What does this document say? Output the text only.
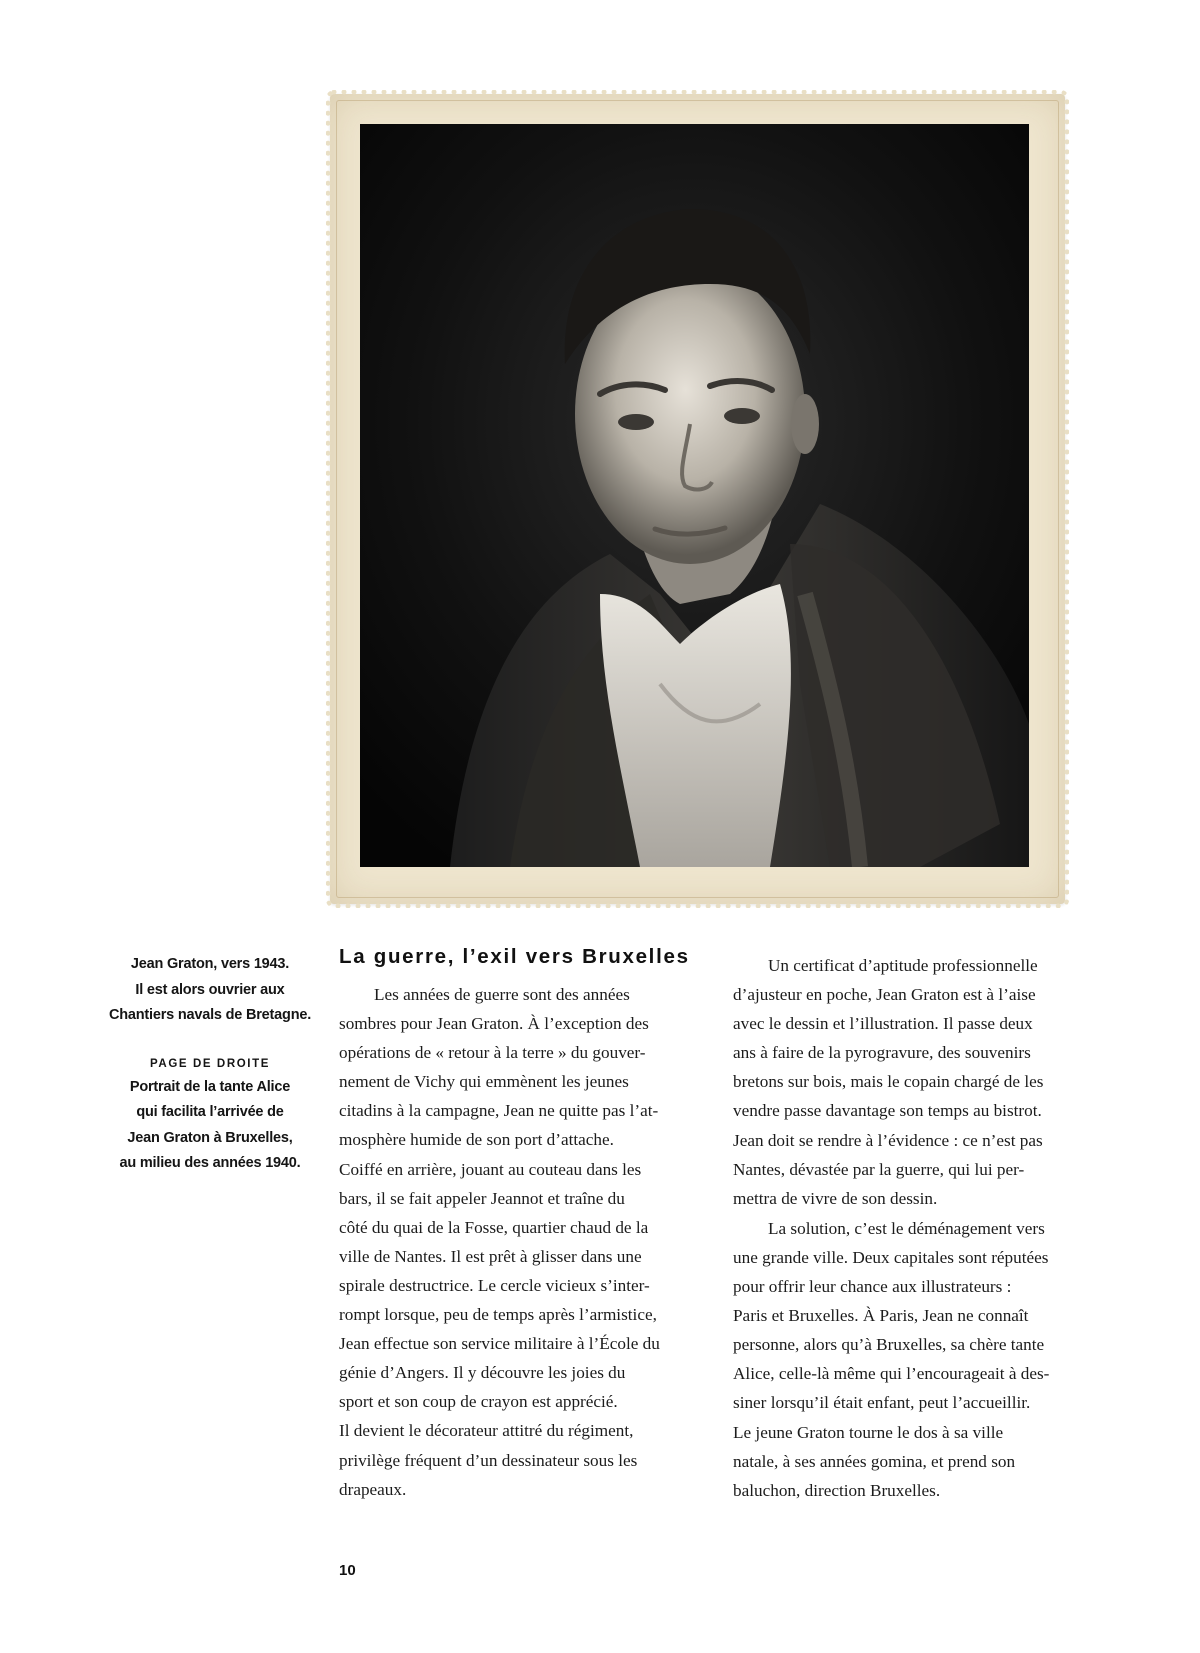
Jean Graton, vers 1943.

Il est alors ouvrier aux

Chantiers navals de Bretagne.

PAGE DE DROITE

Portrait de la tante Alice

qui facilita l’arrivée de

Jean Graton à Bruxelles,

au milieu des années 1940.

La guerre, l’exil vers Bruxelles

Les années de guerre sont des années

sombres pour Jean Graton. À l’exception des

opérations de « retour à la terre » du gouver-

nement de Vichy qui emmènent les jeunes

citadins à la campagne, Jean ne quitte pas l’at-

mosphère humide de son port d’attache.

Coiffé en arrière, jouant au couteau dans les

bars, il se fait appeler Jeannot et traîne du

côté du quai de la Fosse, quartier chaud de la

ville de Nantes. Il est prêt à glisser dans une

spirale destructrice. Le cercle vicieux s’inter-

rompt lorsque, peu de temps après l’armistice,

Jean effectue son service militaire à l’École du

génie d’Angers. Il y découvre les joies du

sport et son coup de crayon est apprécié.

Il devient le décorateur attitré du régiment,

privilège fréquent d’un dessinateur sous les

drapeaux.

Un certificat d’aptitude professionnelle

d’ajusteur en poche, Jean Graton est à l’aise

avec le dessin et l’illustration. Il passe deux

ans à faire de la pyrogravure, des souvenirs

bretons sur bois, mais le copain chargé de les

vendre passe davantage son temps au bistrot.

Jean doit se rendre à l’évidence : ce n’est pas

Nantes, dévastée par la guerre, qui lui per-

mettra de vivre de son dessin.

La solution, c’est le déménagement vers

une grande ville. Deux capitales sont réputées

pour offrir leur chance aux illustrateurs :

Paris et Bruxelles. À Paris, Jean ne connaît

personne, alors qu’à Bruxelles, sa chère tante

Alice, celle-là même qui l’encourageait à des-

siner lorsqu’il était enfant, peut l’accueillir.

Le jeune Graton tourne le dos à sa ville

natale, à ses années gomina, et prend son

baluchon, direction Bruxelles.

10
